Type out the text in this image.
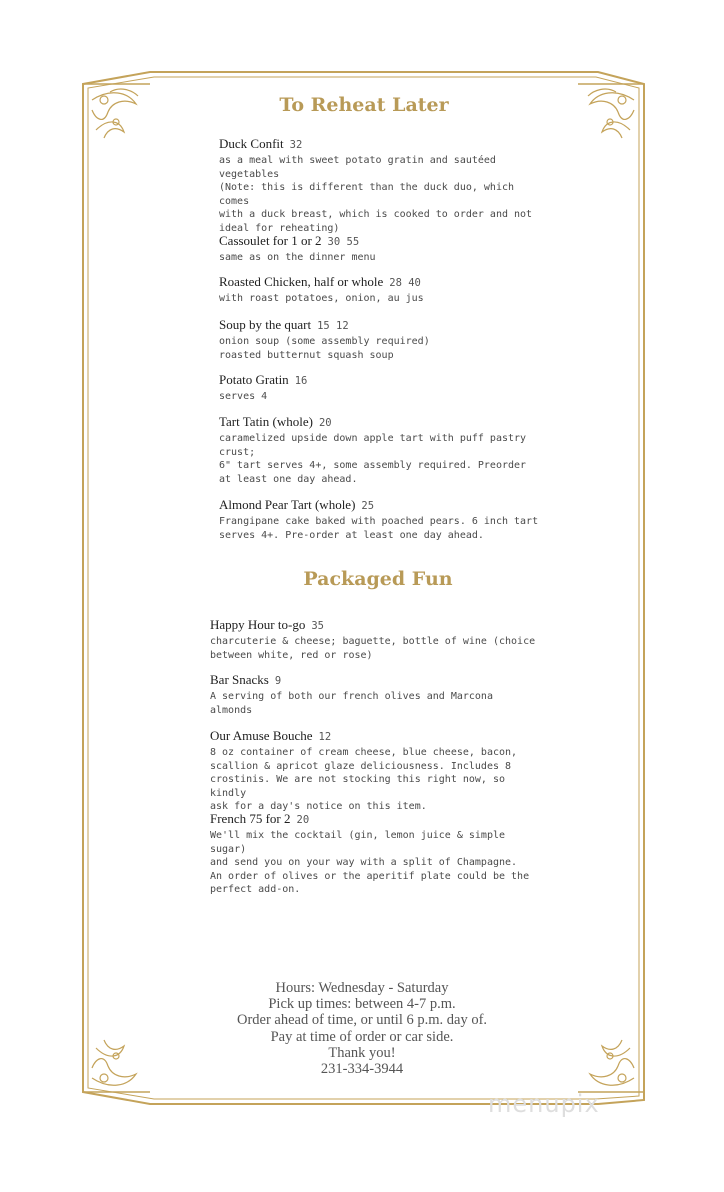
To Reheat Later
Duck Confit 32
as a meal with sweet potato gratin and sautéed
vegetables
(Note: this is different than the duck duo, which comes
with a duck breast, which is cooked to order and not
ideal for reheating)
Cassoulet for 1 or 2 30 55
same as on the dinner menu
Roasted Chicken, half or whole 28 40
with roast potatoes, onion, au jus
Soup by the quart 15 12
onion soup (some assembly required)
roasted butternut squash soup
Potato Gratin 16
serves 4
Tart Tatin (whole) 20
caramelized upside down apple tart with puff pastry
crust;
6" tart serves 4+, some assembly required. Preorder
at least one day ahead.
Almond Pear Tart (whole) 25
Frangipane cake baked with poached pears. 6 inch tart
serves 4+. Pre-order at least one day ahead.
Packaged Fun
Happy Hour to-go 35
charcuterie & cheese; baguette, bottle of wine (choice
between white, red or rose)
Bar Snacks 9
A serving of both our french olives and Marcona
almonds
Our Amuse Bouche 12
8 oz container of cream cheese, blue cheese, bacon,
scallion & apricot glaze deliciousness. Includes 8
crostinis. We are not stocking this right now, so kindly
ask for a day's notice on this item.
French 75 for 2 20
We'll mix the cocktail (gin, lemon juice & simple sugar)
and send you on your way with a split of Champagne.
An order of olives or the aperitif plate could be the
perfect add-on.
Hours: Wednesday - Saturday
Pick up times: between 4-7 p.m.
Order ahead of time, or until 6 p.m. day of.
Pay at time of order or car side.
Thank you!
231-334-3944
menupix
